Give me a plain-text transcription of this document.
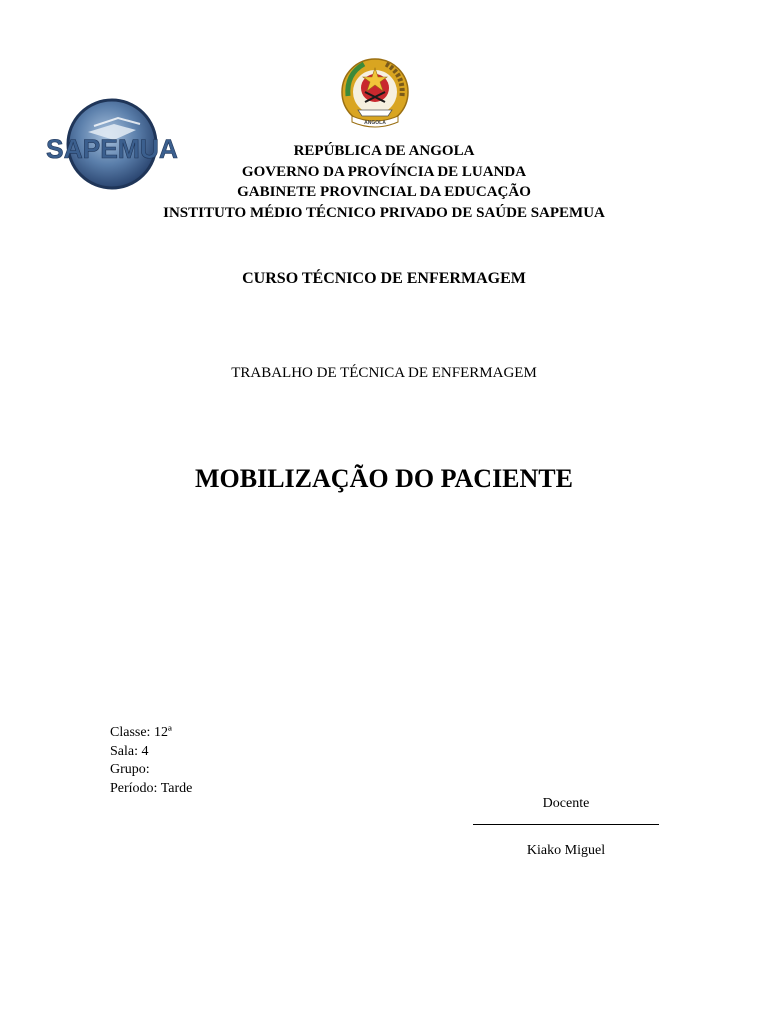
SAPEMUA
ANGOLA
REPÚBLICA DE ANGOLA
GOVERNO DA PROVÍNCIA DE LUANDA
GABINETE PROVINCIAL DA EDUCAÇÃO
INSTITUTO MÉDIO TÉCNICO PRIVADO DE SAÚDE SAPEMUA
CURSO TÉCNICO DE ENFERMAGEM
TRABALHO DE TÉCNICA DE ENFERMAGEM
MOBILIZAÇÃO DO PACIENTE
Classe: 12ª
Sala: 4
Grupo:
Período: Tarde
Docente
Kiako Miguel
